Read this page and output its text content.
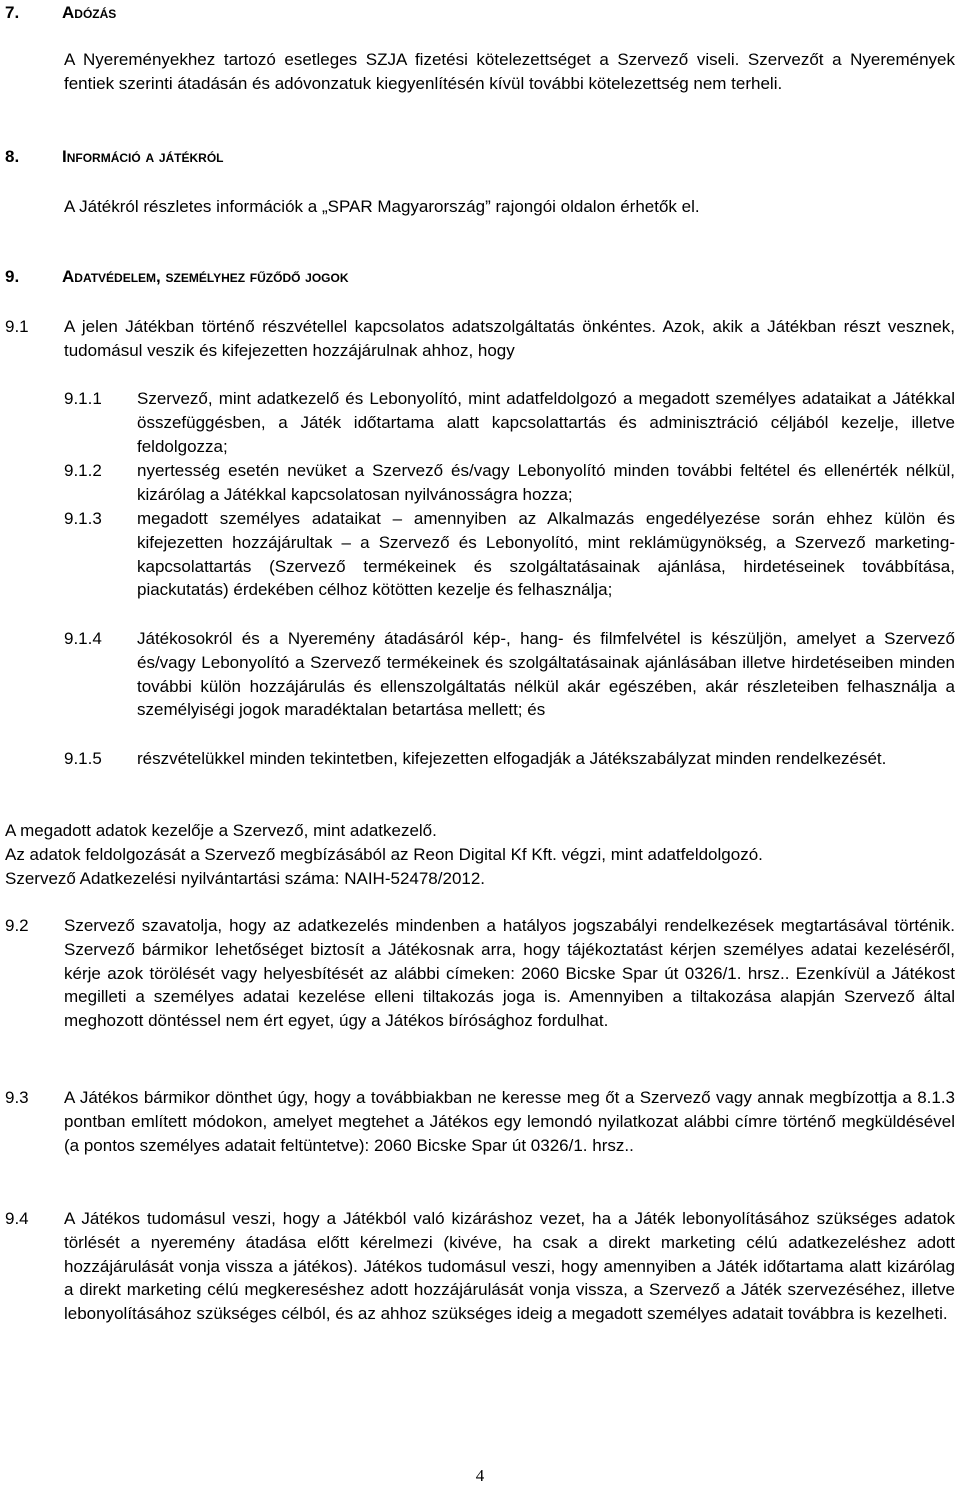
7.	Adózás

A Nyereményekhez tartozó esetleges SZJA fizetési kötelezettséget a Szervező viseli. Szervezőt a Nyeremények fentiek szerinti átadásán és adóvonzatuk kiegyenlítésén kívül további kötelezettség nem terheli.

8.	Információ a játékról

A Játékról részletes információk a „SPAR Magyarország” rajongói oldalon érhetők el.

9.	Adatvédelem, személyhez fűződő jogok

9.1 A jelen Játékban történő részvétellel kapcsolatos adatszolgáltatás önkéntes. Azok, akik a Játékban részt vesznek, tudomásul veszik és kifejezetten hozzájárulnak ahhoz, hogy

9.1.1 Szervező, mint adatkezelő és Lebonyolító, mint adatfeldolgozó a megadott személyes adataikat a Játékkal összefüggésben, a Játék időtartama alatt kapcsolattartás és adminisztráció céljából kezelje, illetve feldolgozza;

9.1.2 nyertesség esetén nevüket a Szervező és/vagy Lebonyolító minden további feltétel és ellenérték nélkül, kizárólag a Játékkal kapcsolatosan nyilvánosságra hozza;

9.1.3 megadott személyes adataikat – amennyiben az Alkalmazás engedélyezése során ehhez külön és kifejezetten hozzájárultak – a Szervező és Lebonyolító, mint reklámügynökség, a Szervező marketing-kapcsolattartás (Szervező termékeinek és szolgáltatásainak ajánlása, hirdetéseinek továbbítása, piackutatás) érdekében célhoz kötötten kezelje és felhasználja;

9.1.4 Játékosokról és a Nyeremény átadásáról kép-, hang- és filmfelvétel is készüljön, amelyet a Szervező és/vagy Lebonyolító a Szervező termékeinek és szolgáltatásainak ajánlásában illetve hirdetéseiben minden további külön hozzájárulás és ellenszolgáltatás nélkül akár egészében, akár részleteiben felhasználja a személyiségi jogok maradéktalan betartása mellett; és

9.1.5 részvételükkel minden tekintetben, kifejezetten elfogadják a Játékszabályzat minden rendelkezését.

A megadott adatok kezelője a Szervező, mint adatkezelő.

Az adatok feldolgozását a Szervező megbízásából az Reon Digital Kf Kft. végzi, mint adatfeldolgozó.

Szervező Adatkezelési nyilvántartási száma: NAIH-52478/2012.

9.2 Szervező szavatolja, hogy az adatkezelés mindenben a hatályos jogszabályi rendelkezések megtartásával történik. Szervező bármikor lehetőséget biztosít a Játékosnak arra, hogy tájékoztatást kérjen személyes adatai kezeléséről, kérje azok törölését vagy helyesbítését az alábbi címeken: 2060 Bicske Spar út 0326/1. hrsz.. Ezenkívül a Játékost megilleti a személyes adatai kezelése elleni tiltakozás joga is. Amennyiben a tiltakozása alapján Szervező által meghozott döntéssel nem ért egyet, úgy a Játékos bírósághoz fordulhat.

9.3 A Játékos bármikor dönthet úgy, hogy a továbbiakban ne keresse meg őt a Szervező vagy annak megbízottja a 8.1.3 pontban említett módokon, amelyet megtehet a Játékos egy lemondó nyilatkozat alábbi címre történő megküldésével (a pontos személyes adatait feltüntetve): 2060 Bicske Spar út 0326/1. hrsz..

9.4 A Játékos tudomásul veszi, hogy a Játékból való kizáráshoz vezet, ha a Játék lebonyolításához szükséges adatok törlését a nyeremény átadása előtt kérelmezi (kivéve, ha csak a direkt marketing célú adatkezeléshez adott hozzájárulását vonja vissza a játékos). Játékos tudomásul veszi, hogy amennyiben a Játék időtartama alatt kizárólag a direkt marketing célú megkereséshez adott hozzájárulását vonja vissza, a Szervező a Játék szervezéséhez, illetve lebonyolításához szükséges célból, és az ahhoz szükséges ideig a megadott személyes adatait továbbra is kezelheti.

4
